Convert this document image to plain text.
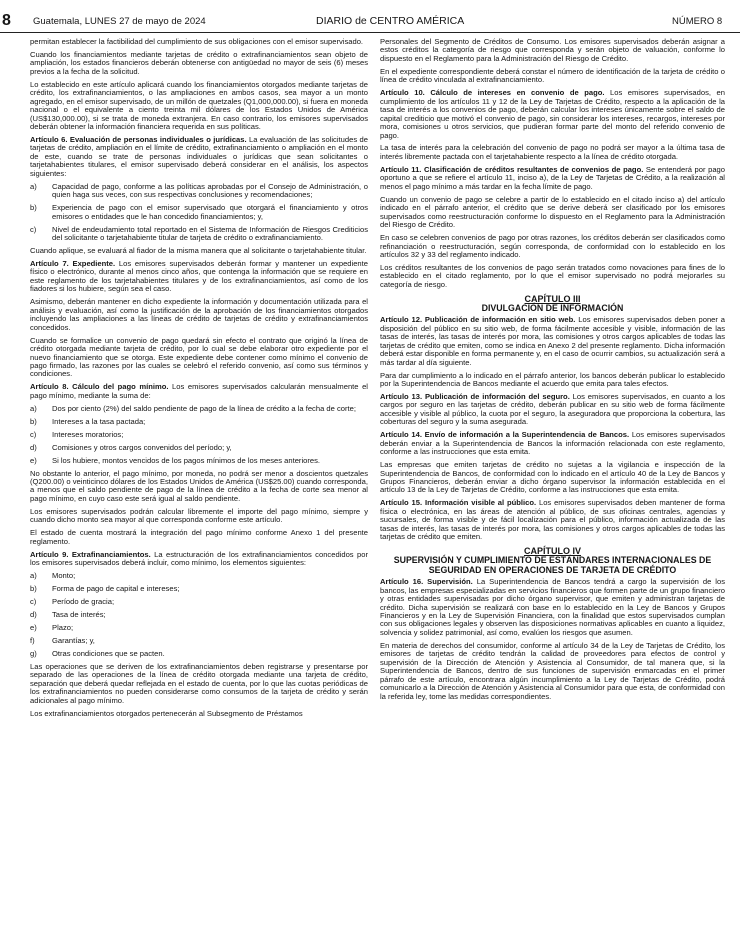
8 Guatemala, LUNES 27 de mayo de 2024	DIARIO de CENTRO AMÉRICA	NÚMERO 8

permitan establecer la factibilidad del cumplimiento de sus obligaciones con el emisor supervisado.

Cuando los financiamientos mediante tarjetas de crédito o extrafinanciamientos sean objeto de ampliación, los estados financieros deberán obtenerse con antigüedad no mayor de seis (6) meses previos a la fecha de la solicitud.

Lo establecido en este artículo aplicará cuando los financiamientos otorgados mediante tarjetas de crédito, los extrafinanciamientos, o las ampliaciones en ambos casos, sea mayor a un monto agregado, en el emisor supervisado, de un millón de quetzales (Q1,000,000.00), si fuera en moneda nacional o el equivalente a ciento treinta mil dólares de los Estados Unidos de América (US$130,000.00), si se trata de moneda extranjera. En caso contrario, los emisores supervisados deberán obtener la información financiera requerida en sus políticas.

Artículo 6. Evaluación de personas individuales o jurídicas. La evaluación de las solicitudes de tarjetas de crédito, ampliación en el límite de crédito, extrafinanciamiento o ampliación en el monto de este, cuando se trate de personas individuales o jurídicas que sean solicitantes o tarjetahabientes titulares, el emisor supervisado deberá considerar en el análisis, los aspectos siguientes:

a)	Capacidad de pago, conforme a las políticas aprobadas por el Consejo de Administración, o quien haga sus veces, con sus respectivas conclusiones y recomendaciones;
b)	Experiencia de pago con el emisor supervisado que otorgará el financiamiento y otros emisores o entidades que le han concedido financiamientos; y,
c)	Nivel de endeudamiento total reportado en el Sistema de Información de Riesgos Crediticios del solicitante o tarjetahabiente titular de tarjeta de crédito o extrafinanciamiento.

Cuando aplique, se evaluará al fiador de la misma manera que al solicitante o tarjetahabiente titular.

Artículo 7. Expediente. Los emisores supervisados deberán formar y mantener un expediente físico o electrónico, durante al menos cinco años, que contenga la información que se requiere en este reglamento de los tarjetahabientes titulares y de los extrafinanciamientos, así como de los fiadores si los hubiere, según sea el caso.

Asimismo, deberán mantener en dicho expediente la información y documentación utilizada para el análisis y evaluación, así como la justificación de la aprobación de los financiamientos otorgados incluyendo las ampliaciones a las líneas de crédito de tarjetas de crédito y extrafinanciamientos concedidos.

Cuando se formalice un convenio de pago quedará sin efecto el contrato que originó la línea de crédito otorgada mediante tarjeta de crédito, por lo cual se debe elaborar otro expediente por el nuevo financiamiento que se otorga. Este expediente debe contener como mínimo el convenio de pago firmado, las razones por las cuales se celebró el referido convenio, así como sus términos y condiciones.

Artículo 8. Cálculo del pago mínimo. Los emisores supervisados calcularán mensualmente el pago mínimo, mediante la suma de:

a)	Dos por ciento (2%) del saldo pendiente de pago de la línea de crédito a la fecha de corte;
b)	Intereses a la tasa pactada;
c)	Intereses moratorios;
d)	Comisiones y otros cargos convenidos del período; y,
e)	Si los hubiere, montos vencidos de los pagos mínimos de los meses anteriores.

No obstante lo anterior, el pago mínimo, por moneda, no podrá ser menor a doscientos quetzales (Q200.00) o veinticinco dólares de los Estados Unidos de América (US$25.00) cuando corresponda, a menos que el saldo pendiente de pago de la línea de crédito a la fecha de corte sea menor al pago mínimo, en cuyo caso este será igual al saldo pendiente.

Los emisores supervisados podrán calcular libremente el importe del pago mínimo, siempre y cuando dicho monto sea mayor al que corresponda conforme este artículo.

El estado de cuenta mostrará la integración del pago mínimo conforme Anexo 1 del presente reglamento.

Artículo 9. Extrafinanciamientos. La estructuración de los extrafinanciamientos concedidos por los emisores supervisados deberá incluir, como mínimo, los elementos siguientes:

a)	Monto;
b)	Forma de pago de capital e intereses;
c)	Período de gracia;
d)	Tasa de interés;
e)	Plazo;
f)	Garantías; y,
g)	Otras condiciones que se pacten.

Las operaciones que se deriven de los extrafinanciamientos deben registrarse y presentarse por separado de las operaciones de la línea de crédito otorgada mediante una tarjeta de crédito, separación que deberá quedar reflejada en el estado de cuenta, por lo que las cuotas periódicas de los extrafinanciamientos no pueden considerarse como consumos de la tarjeta de crédito y serán adicionales al pago mínimo.

Los extrafinanciamientos otorgados pertenecerán al Subsegmento de Préstamos

Personales del Segmento de Créditos de Consumo. Los emisores supervisados deberán asignar a estos créditos la categoría de riesgo que corresponda y serán objeto de valuación, conforme lo dispuesto en el Reglamento para la Administración del Riesgo de Crédito.

En el expediente correspondiente deberá constar el número de identificación de la tarjeta de crédito o línea de crédito vinculada al extrafinanciamiento.

Artículo 10. Cálculo de intereses en convenio de pago. Los emisores supervisados, en cumplimiento de los artículos 11 y 12 de la Ley de Tarjetas de Crédito, respecto a la aplicación de la tasa de interés a los convenios de pago, deberán calcular los intereses únicamente sobre el saldo de capital crediticio que motivó el convenio de pago, sin considerar los intereses, recargos, intereses por mora, comisiones u otros servicios, que pudieran formar parte del monto del referido convenio de pago.

La tasa de interés para la celebración del convenio de pago no podrá ser mayor a la última tasa de interés libremente pactada con el tarjetahabiente respecto a la línea de crédito otorgada.

Artículo 11. Clasificación de créditos resultantes de convenios de pago. Se entenderá por pago oportuno a que se refiere el artículo 11, inciso a), de la Ley de Tarjetas de Crédito, a la realización al menos el pago mínimo a más tardar en la fecha límite de pago.

Cuando un convenio de pago se celebre a partir de lo establecido en el citado inciso a) del artículo indicado en el párrafo anterior, el crédito que se derive deberá ser clasificado por los emisores supervisados como reestructuración conforme lo dispuesto en el Reglamento para la Administración del Riesgo de Crédito.

En caso se celebren convenios de pago por otras razones, los créditos deberán ser clasificados como refinanciación o reestructuración, según corresponda, de conformidad con lo establecido en los artículos 32 y 33 del reglamento indicado.

Los créditos resultantes de los convenios de pago serán tratados como novaciones para fines de lo establecido en el citado reglamento, por lo que el emisor supervisado no podrá mejorarles su categoría de riesgo.

CAPÍTULO III
DIVULGACIÓN DE INFORMACIÓN

Artículo 12. Publicación de información en sitio web. Los emisores supervisados deben poner a disposición del público en su sitio web, de forma fácilmente accesible y visible, información de las tasas de interés, las tasas de interés por mora, las comisiones y otros cargos aplicables de todas las tarjetas de crédito que emiten, como se indica en Anexo 2 del presente reglamento. Dicha información deberá estar disponible en forma permanente y, en el caso de ocurrir cambios, su actualización será a más tardar al día siguiente.

Para dar cumplimiento a lo indicado en el párrafo anterior, los bancos deberán publicar lo establecido por la Superintendencia de Bancos mediante el acuerdo que emita para tales efectos.

Artículo 13. Publicación de información del seguro. Los emisores supervisados, en cuanto a los cargos por seguro en las tarjetas de crédito, deberán publicar en su sitio web de forma fácilmente accesible y visible al público, la cuota por el seguro, la aseguradora que proporciona la cobertura, las coberturas del seguro y la suma asegurada.

Artículo 14. Envío de información a la Superintendencia de Bancos. Los emisores supervisados deberán enviar a la Superintendencia de Bancos la información relacionada con este reglamento, conforme a las instrucciones que esta emita.

Las empresas que emiten tarjetas de crédito no sujetas a la vigilancia e inspección de la Superintendencia de Bancos, de conformidad con lo indicado en el artículo 40 de la Ley de Bancos y Grupos Financieros, deberán enviar a dicho órgano supervisor la información establecida en el artículo 13 de la Ley de Tarjetas de Crédito, conforme a las instrucciones que esta emita.

Artículo 15. Información visible al público. Los emisores supervisados deben mantener de forma física o electrónica, en las áreas de atención al público, de sus oficinas centrales, agencias y sucursales, de forma visible y de fácil localización para el público, información actualizada de las tasas de interés, las tasas de interés por mora, las comisiones y otros cargos aplicables de todas las tarjetas de crédito que emiten.

CAPÍTULO IV
SUPERVISIÓN Y CUMPLIMIENTO DE ESTÁNDARES INTERNACIONALES DE SEGURIDAD EN OPERACIONES DE TARJETA DE CRÉDITO

Artículo 16. Supervisión. La Superintendencia de Bancos tendrá a cargo la supervisión de los bancos, las empresas especializadas en servicios financieros que formen parte de un grupo financiero y otras entidades supervisadas por dicho órgano supervisor, que emiten y administran tarjetas de crédito. Dicha supervisión se realizará con base en lo establecido en la Ley de Bancos y Grupos Financieros y en la Ley de Supervisión Financiera, con la finalidad que estos supervisados cumplan con sus obligaciones legales y observen las disposiciones normativas aplicables en cuanto a liquidez, solvencia y solidez patrimonial, así como, evalúen los riesgos que asumen.

En materia de derechos del consumidor, conforme al artículo 34 de la Ley de Tarjetas de Crédito, los emisores de tarjetas de crédito tendrán la calidad de proveedores para efectos de control y supervisión de la Dirección de Atención y Asistencia al Consumidor, de tal manera que, si la Superintendencia de Bancos, dentro de sus funciones de supervisión enmarcadas en el primer párrafo de este artículo, encontrara algún incumplimiento a la Ley de Tarjetas de Crédito, podrá comunicarlo a la Dirección de Atención y Asistencia al Consumidor para que esta, de conformidad con la referida ley, tome las medidas correspondientes.
